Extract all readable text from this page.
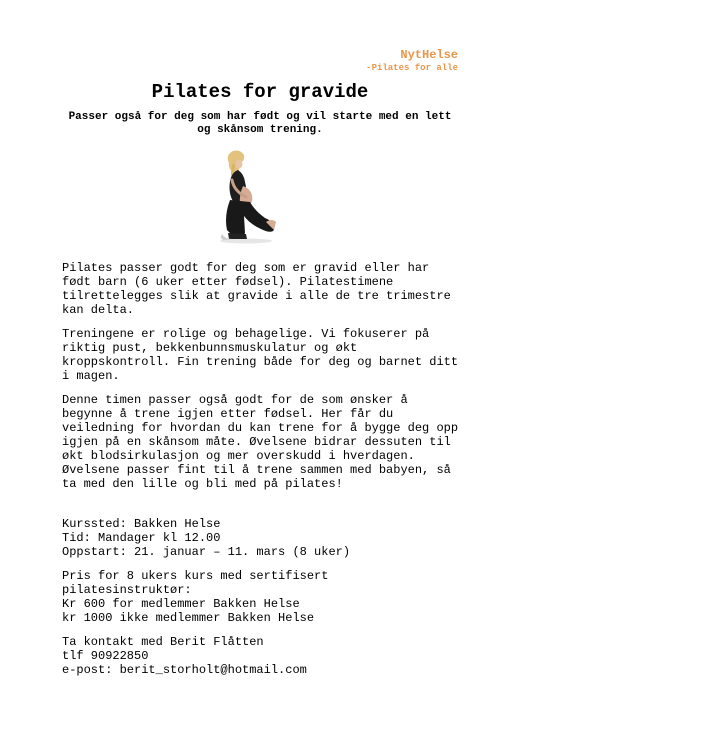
NytHelse
-Pilates for alle
Pilates for gravide

Passer også for deg som har født og vil starte med en lett og skånsom trening.

Pilates passer godt for deg som er gravid eller har født barn (6 uker etter fødsel). Pilatestimene tilrettelegges slik at gravide i alle de tre trimestre kan delta.

Treningene er rolige og behagelige. Vi fokuserer på riktig pust, bekkenbunnsmuskulatur og økt kroppskontroll. Fin trening både for deg og barnet ditt i magen.

Denne timen passer også godt for de som ønsker å begynne å trene igjen etter fødsel. Her får du veiledning for hvordan du kan trene for å bygge deg opp igjen på en skånsom måte. Øvelsene bidrar dessuten til økt blodsirkulasjon og mer overskudd i hverdagen. Øvelsene passer fint til å trene sammen med babyen, så ta med den lille og bli med på pilates!

Kurssted: Bakken Helse
Tid: Mandager kl 12.00
Oppstart: 21. januar – 11. mars (8 uker)

Pris for 8 ukers kurs med sertifisert pilatesinstruktør:
Kr 600 for medlemmer Bakken Helse
kr 1000 ikke medlemmer Bakken Helse

Ta kontakt med Berit Flåtten
tlf 90922850
e-post: berit_storholt@hotmail.com
